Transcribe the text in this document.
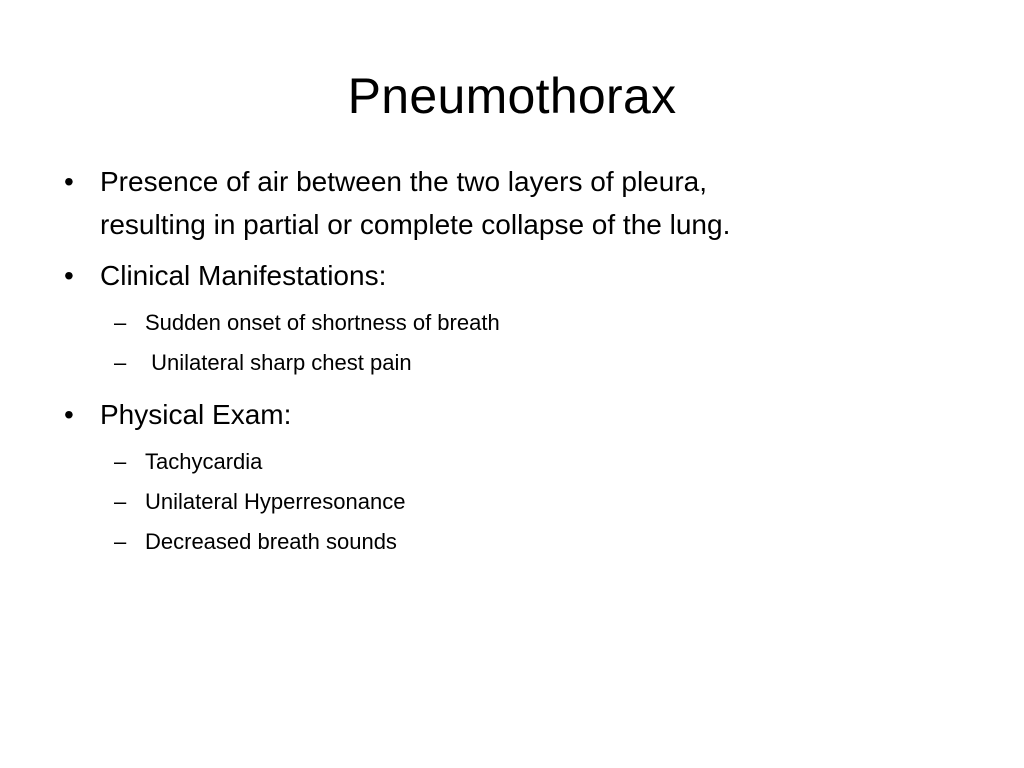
Pneumothorax
• Presence of air between the two layers of pleura,
resulting in partial or complete collapse of the lung.
• Clinical Manifestations:
– Sudden onset of shortness of breath
– Unilateral sharp chest pain
• Physical Exam:
– Tachycardia
– Unilateral Hyperresonance
– Decreased breath sounds
